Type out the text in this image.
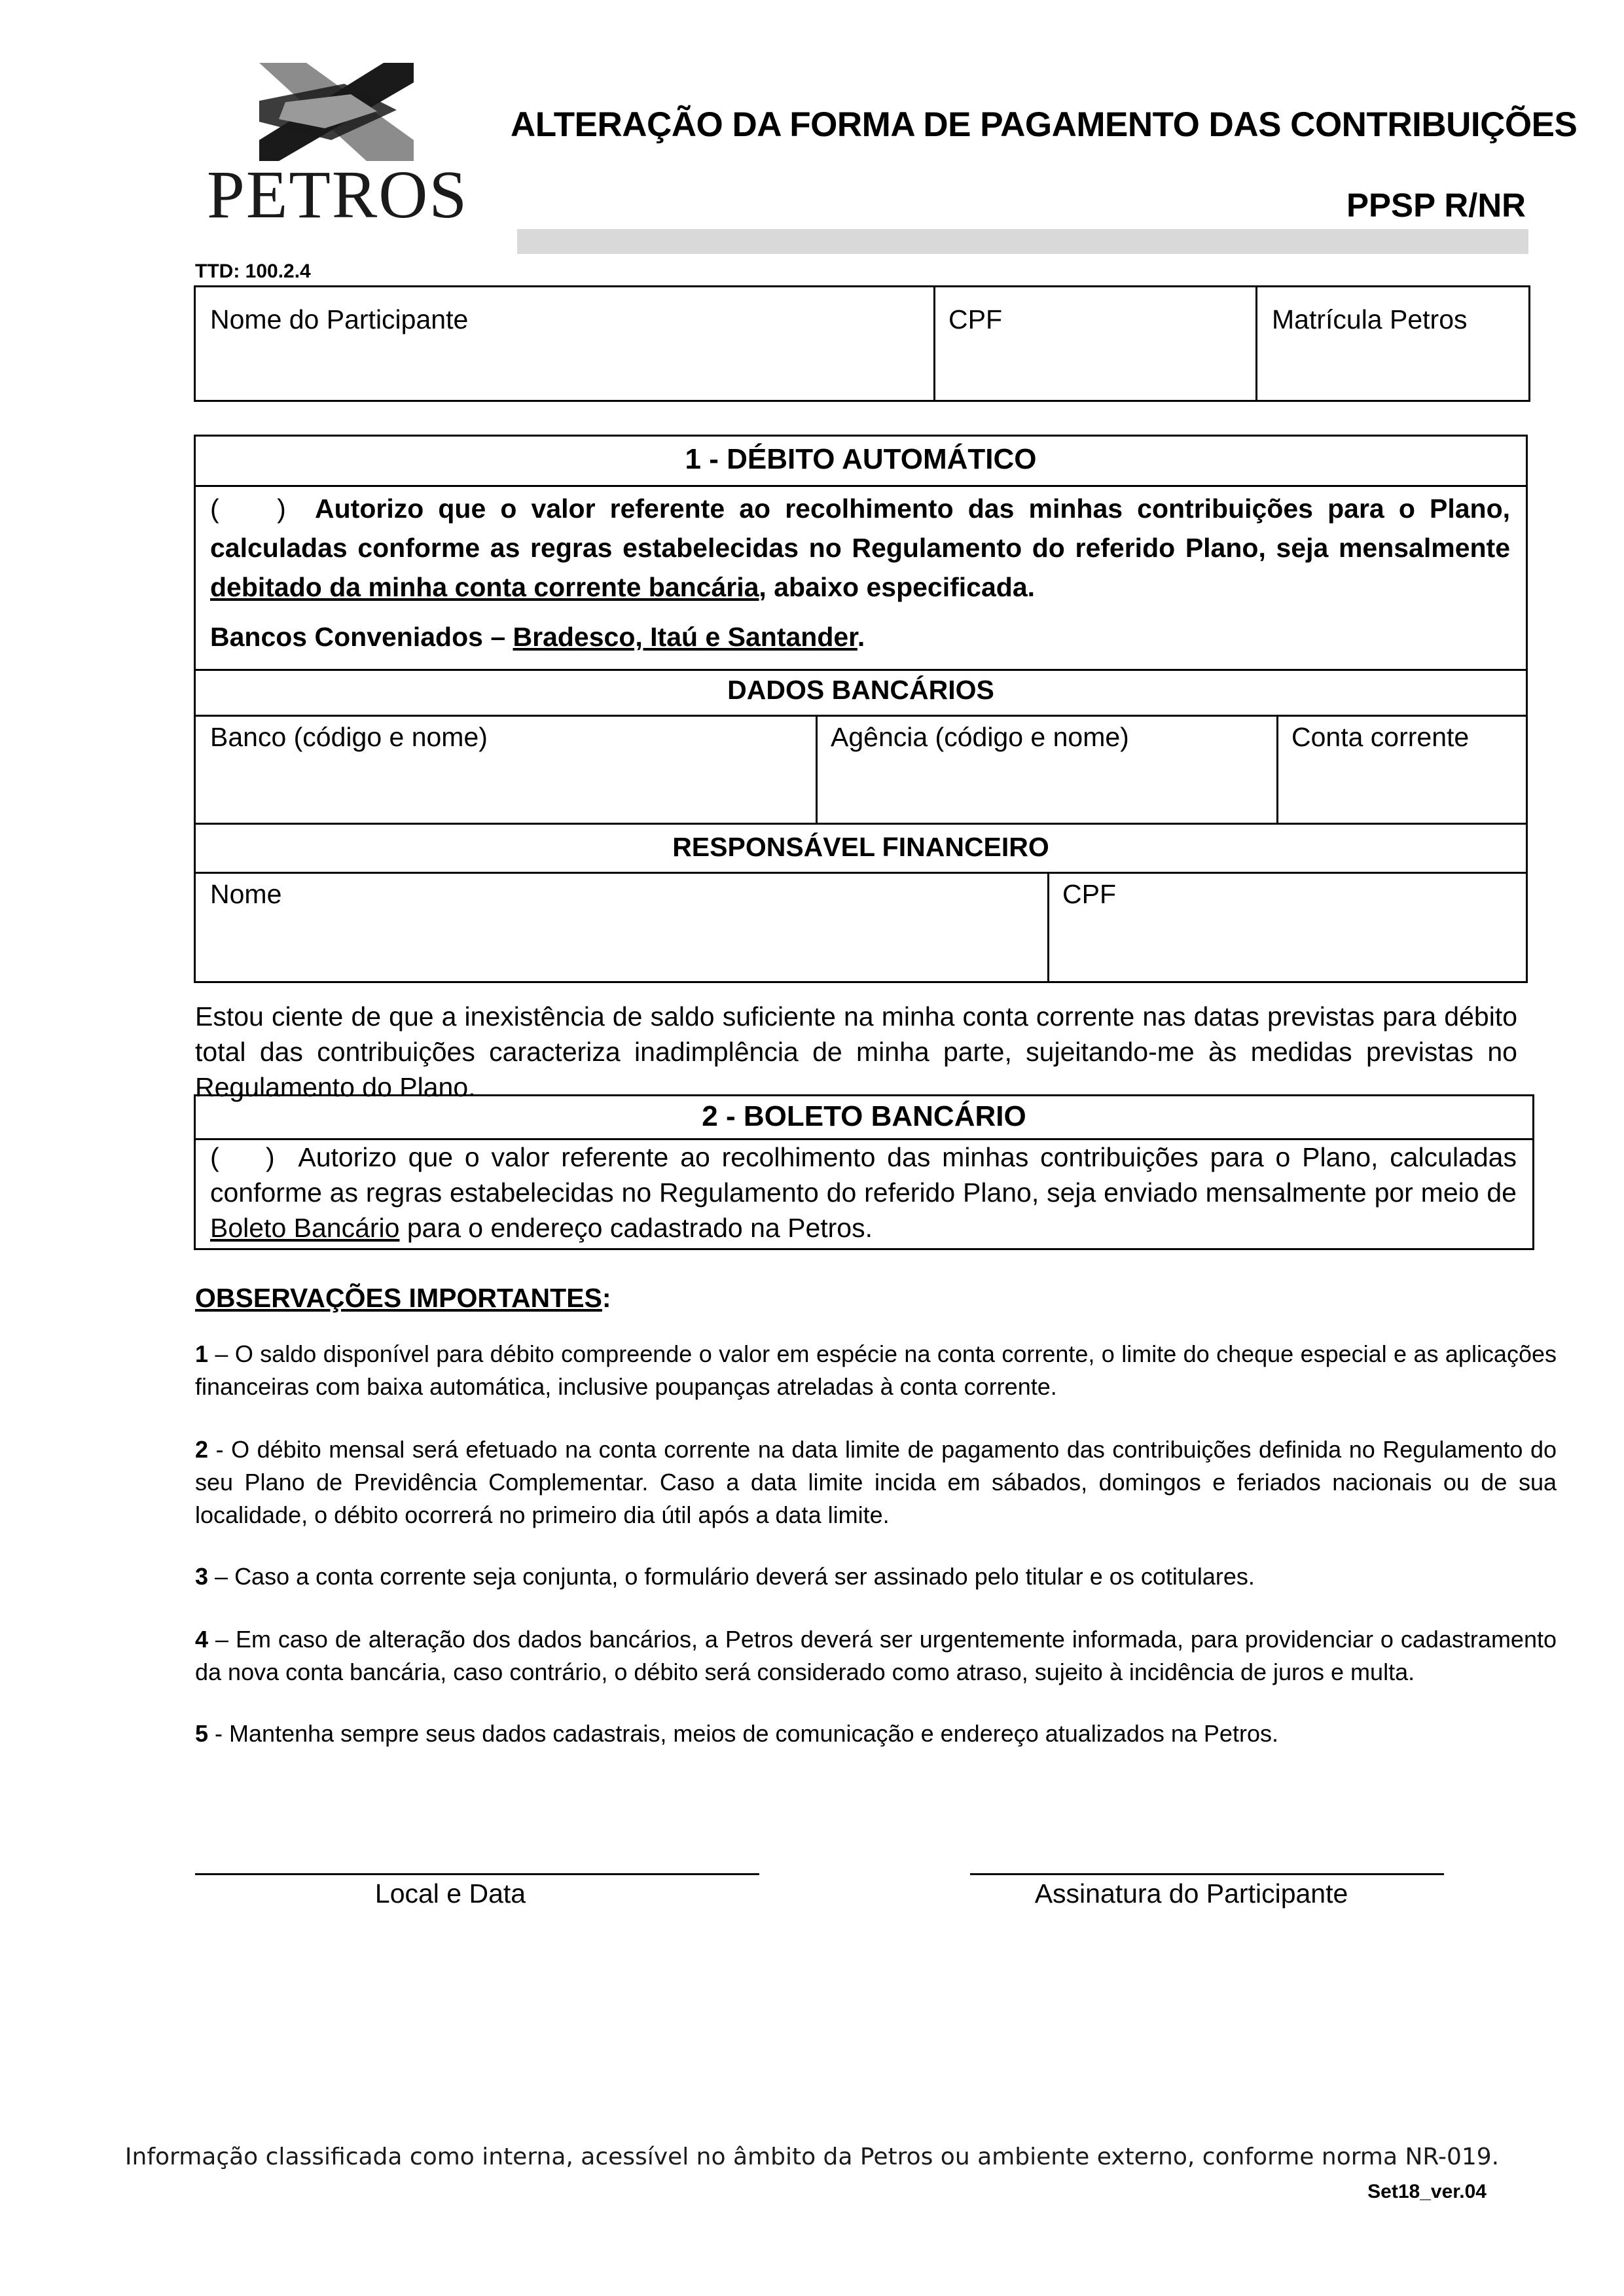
PETROS
ALTERAÇÃO DA FORMA DE PAGAMENTO DAS CONTRIBUIÇÕES
PPSP R/NR
TTD: 100.2.4
Nome do Participante	CPF	Matrícula Petros
1 - DÉBITO AUTOMÁTICO
(    ) Autorizo que o valor referente ao recolhimento das minhas contribuições para o Plano, calculadas conforme as regras estabelecidas no Regulamento do referido Plano, seja mensalmente debitado da minha conta corrente bancária, abaixo especificada.
Bancos Conveniados – Bradesco, Itaú e Santander.
DADOS BANCÁRIOS
Banco (código e nome)	Agência (código e nome)	Conta corrente
RESPONSÁVEL FINANCEIRO
Nome	CPF
Estou ciente de que a inexistência de saldo suficiente na minha conta corrente nas datas previstas para débito total das contribuições caracteriza inadimplência de minha parte, sujeitando-me às medidas previstas no Regulamento do Plano.
2 - BOLETO BANCÁRIO
(    ) Autorizo que o valor referente ao recolhimento das minhas contribuições para o Plano, calculadas conforme as regras estabelecidas no Regulamento do referido Plano, seja enviado mensalmente por meio de Boleto Bancário para o endereço cadastrado na Petros.
OBSERVAÇÕES IMPORTANTES:
1 – O saldo disponível para débito compreende o valor em espécie na conta corrente, o limite do cheque especial e as aplicações financeiras com baixa automática, inclusive poupanças atreladas à conta corrente.
2 - O débito mensal será efetuado na conta corrente na data limite de pagamento das contribuições definida no Regulamento do seu Plano de Previdência Complementar. Caso a data limite incida em sábados, domingos e feriados nacionais ou de sua localidade, o débito ocorrerá no primeiro dia útil após a data limite.
3 – Caso a conta corrente seja conjunta, o formulário deverá ser assinado pelo titular e os cotitulares.
4 – Em caso de alteração dos dados bancários, a Petros deverá ser urgentemente informada, para providenciar o cadastramento da nova conta bancária, caso contrário, o débito será considerado como atraso, sujeito à incidência de juros e multa.
5 - Mantenha sempre seus dados cadastrais, meios de comunicação e endereço atualizados na Petros.
Local e Data	Assinatura do Participante
Informação classificada como interna, acessível no âmbito da Petros ou ambiente externo, conforme norma NR-019.
Set18_ver.04
